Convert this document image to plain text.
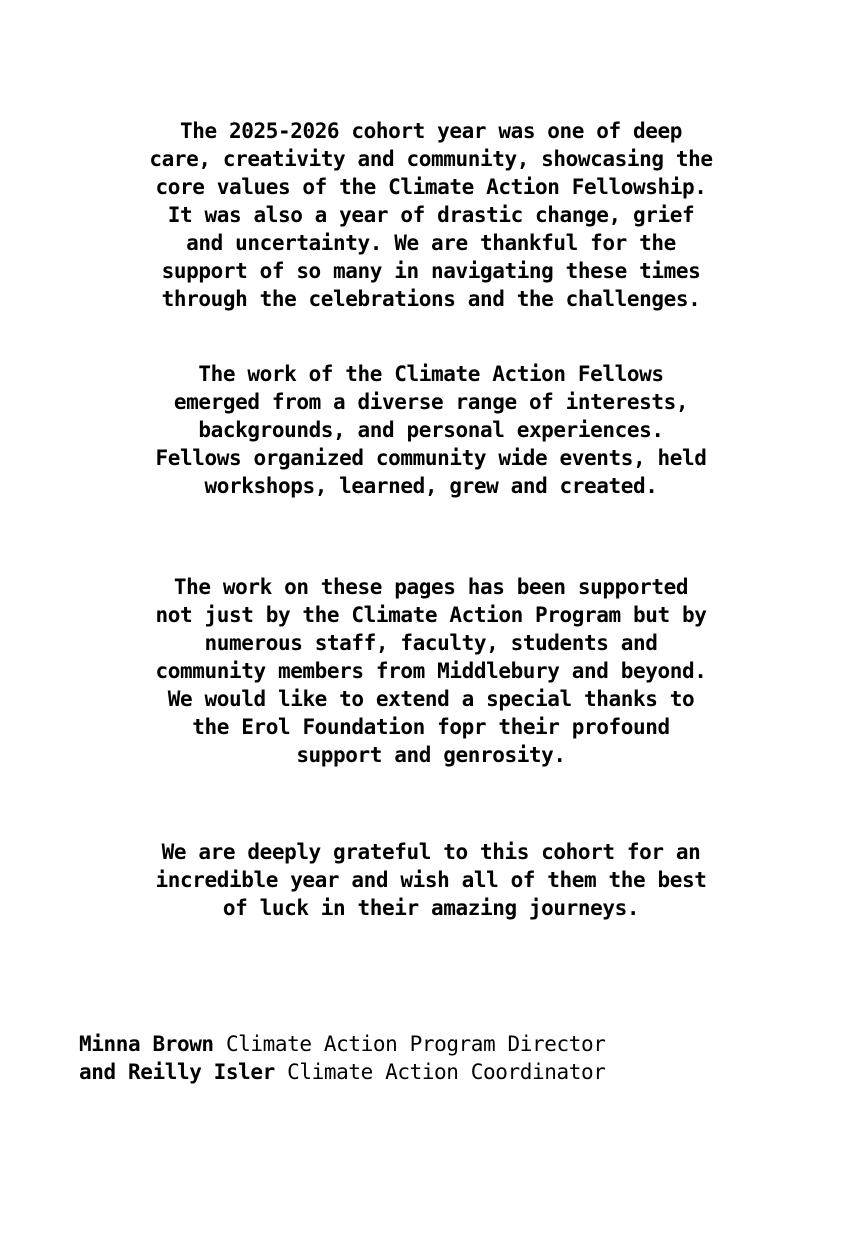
The 2025-2026 cohort year was one of deep
care, creativity and community, showcasing the
core values of the Climate Action Fellowship.
It was also a year of drastic change, grief
and uncertainty. We are thankful for the
support of so many in navigating these times
through the celebrations and the challenges.

The work of the Climate Action Fellows
emerged from a diverse range of interests,
backgrounds, and personal experiences.
Fellows organized community wide events, held
workshops, learned, grew and created.

The work on these pages has been supported
not just by the Climate Action Program but by
numerous staff, faculty, students and
community members from Middlebury and beyond.
We would like to extend a special thanks to
the Erol Foundation fopr their profound
support and genrosity.

We are deeply grateful to this cohort for an
incredible year and wish all of them the best
of luck in their amazing journeys.

Minna Brown Climate Action Program Director
and Reilly Isler Climate Action Coordinator
